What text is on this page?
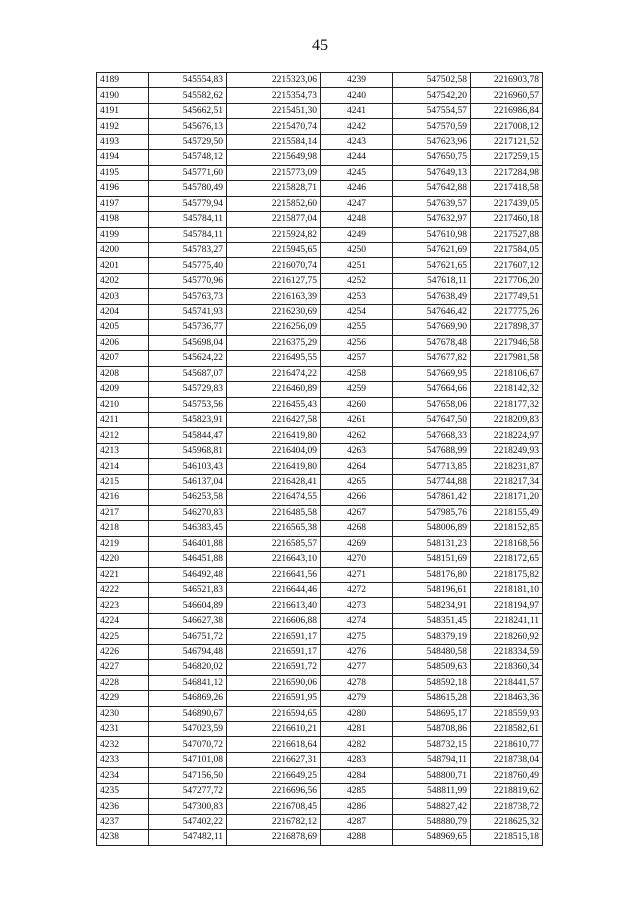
45
4189	545554,83	2215323,06	4239	547502,58	2216903,78
4190	545582,62	2215354,73	4240	547542,20	2216960,57
4191	545662,51	2215451,30	4241	547554,57	2216986,84
4192	545676,13	2215470,74	4242	547570,59	2217008,12
4193	545729,50	2215584,14	4243	547623,96	2217121,52
4194	545748,12	2215649,98	4244	547650,75	2217259,15
4195	545771,60	2215773,09	4245	547649,13	2217284,98
4196	545780,49	2215828,71	4246	547642,88	2217418,58
4197	545779,94	2215852,60	4247	547639,57	2217439,05
4198	545784,11	2215877,04	4248	547632,97	2217460,18
4199	545784,11	2215924,82	4249	547610,98	2217527,88
4200	545783,27	2215945,65	4250	547621,69	2217584,05
4201	545775,40	2216070,74	4251	547621,65	2217607,12
4202	545770,96	2216127,75	4252	547618,11	2217706,20
4203	545763,73	2216163,39	4253	547638,49	2217749,51
4204	545741,93	2216230,69	4254	547646,42	2217775,26
4205	545736,77	2216256,09	4255	547669,90	2217898,37
4206	545698,04	2216375,29	4256	547678,48	2217946,58
4207	545624,22	2216495,55	4257	547677,82	2217981,58
4208	545687,07	2216474,22	4258	547669,95	2218106,67
4209	545729,83	2216460,89	4259	547664,66	2218142,32
4210	545753,56	2216455,43	4260	547658,06	2218177,32
4211	545823,91	2216427,58	4261	547647,50	2218209,83
4212	545844,47	2216419,80	4262	547668,33	2218224,97
4213	545968,81	2216404,09	4263	547688,99	2218249,93
4214	546103,43	2216419,80	4264	547713,85	2218231,87
4215	546137,04	2216428,41	4265	547744,88	2218217,34
4216	546253,58	2216474,55	4266	547861,42	2218171,20
4217	546270,83	2216485,58	4267	547985,76	2218155,49
4218	546383,45	2216565,38	4268	548006,89	2218152,85
4219	546401,88	2216585,57	4269	548131,23	2218168,56
4220	546451,88	2216643,10	4270	548151,69	2218172,65
4221	546492,48	2216641,56	4271	548176,80	2218175,82
4222	546521,83	2216644,46	4272	548196,61	2218181,10
4223	546604,89	2216613,40	4273	548234,91	2218194,97
4224	546627,38	2216606,88	4274	548351,45	2218241,11
4225	546751,72	2216591,17	4275	548379,19	2218260,92
4226	546794,48	2216591,17	4276	548480,58	2218334,59
4227	546820,02	2216591,72	4277	548509,63	2218360,34
4228	546841,12	2216590,06	4278	548592,18	2218441,57
4229	546869,26	2216591,95	4279	548615,28	2218463,36
4230	546890,67	2216594,65	4280	548695,17	2218559,93
4231	547023,59	2216610,21	4281	548708,86	2218582,61
4232	547070,72	2216618,64	4282	548732,15	2218610,77
4233	547101,08	2216627,31	4283	548794,11	2218738,04
4234	547156,50	2216649,25	4284	548800,71	2218760,49
4235	547277,72	2216696,56	4285	548811,99	2218819,62
4236	547300,83	2216708,45	4286	548827,42	2218738,72
4237	547402,22	2216782,12	4287	548880,79	2218625,32
4238	547482,11	2216878,69	4288	548969,65	2218515,18
